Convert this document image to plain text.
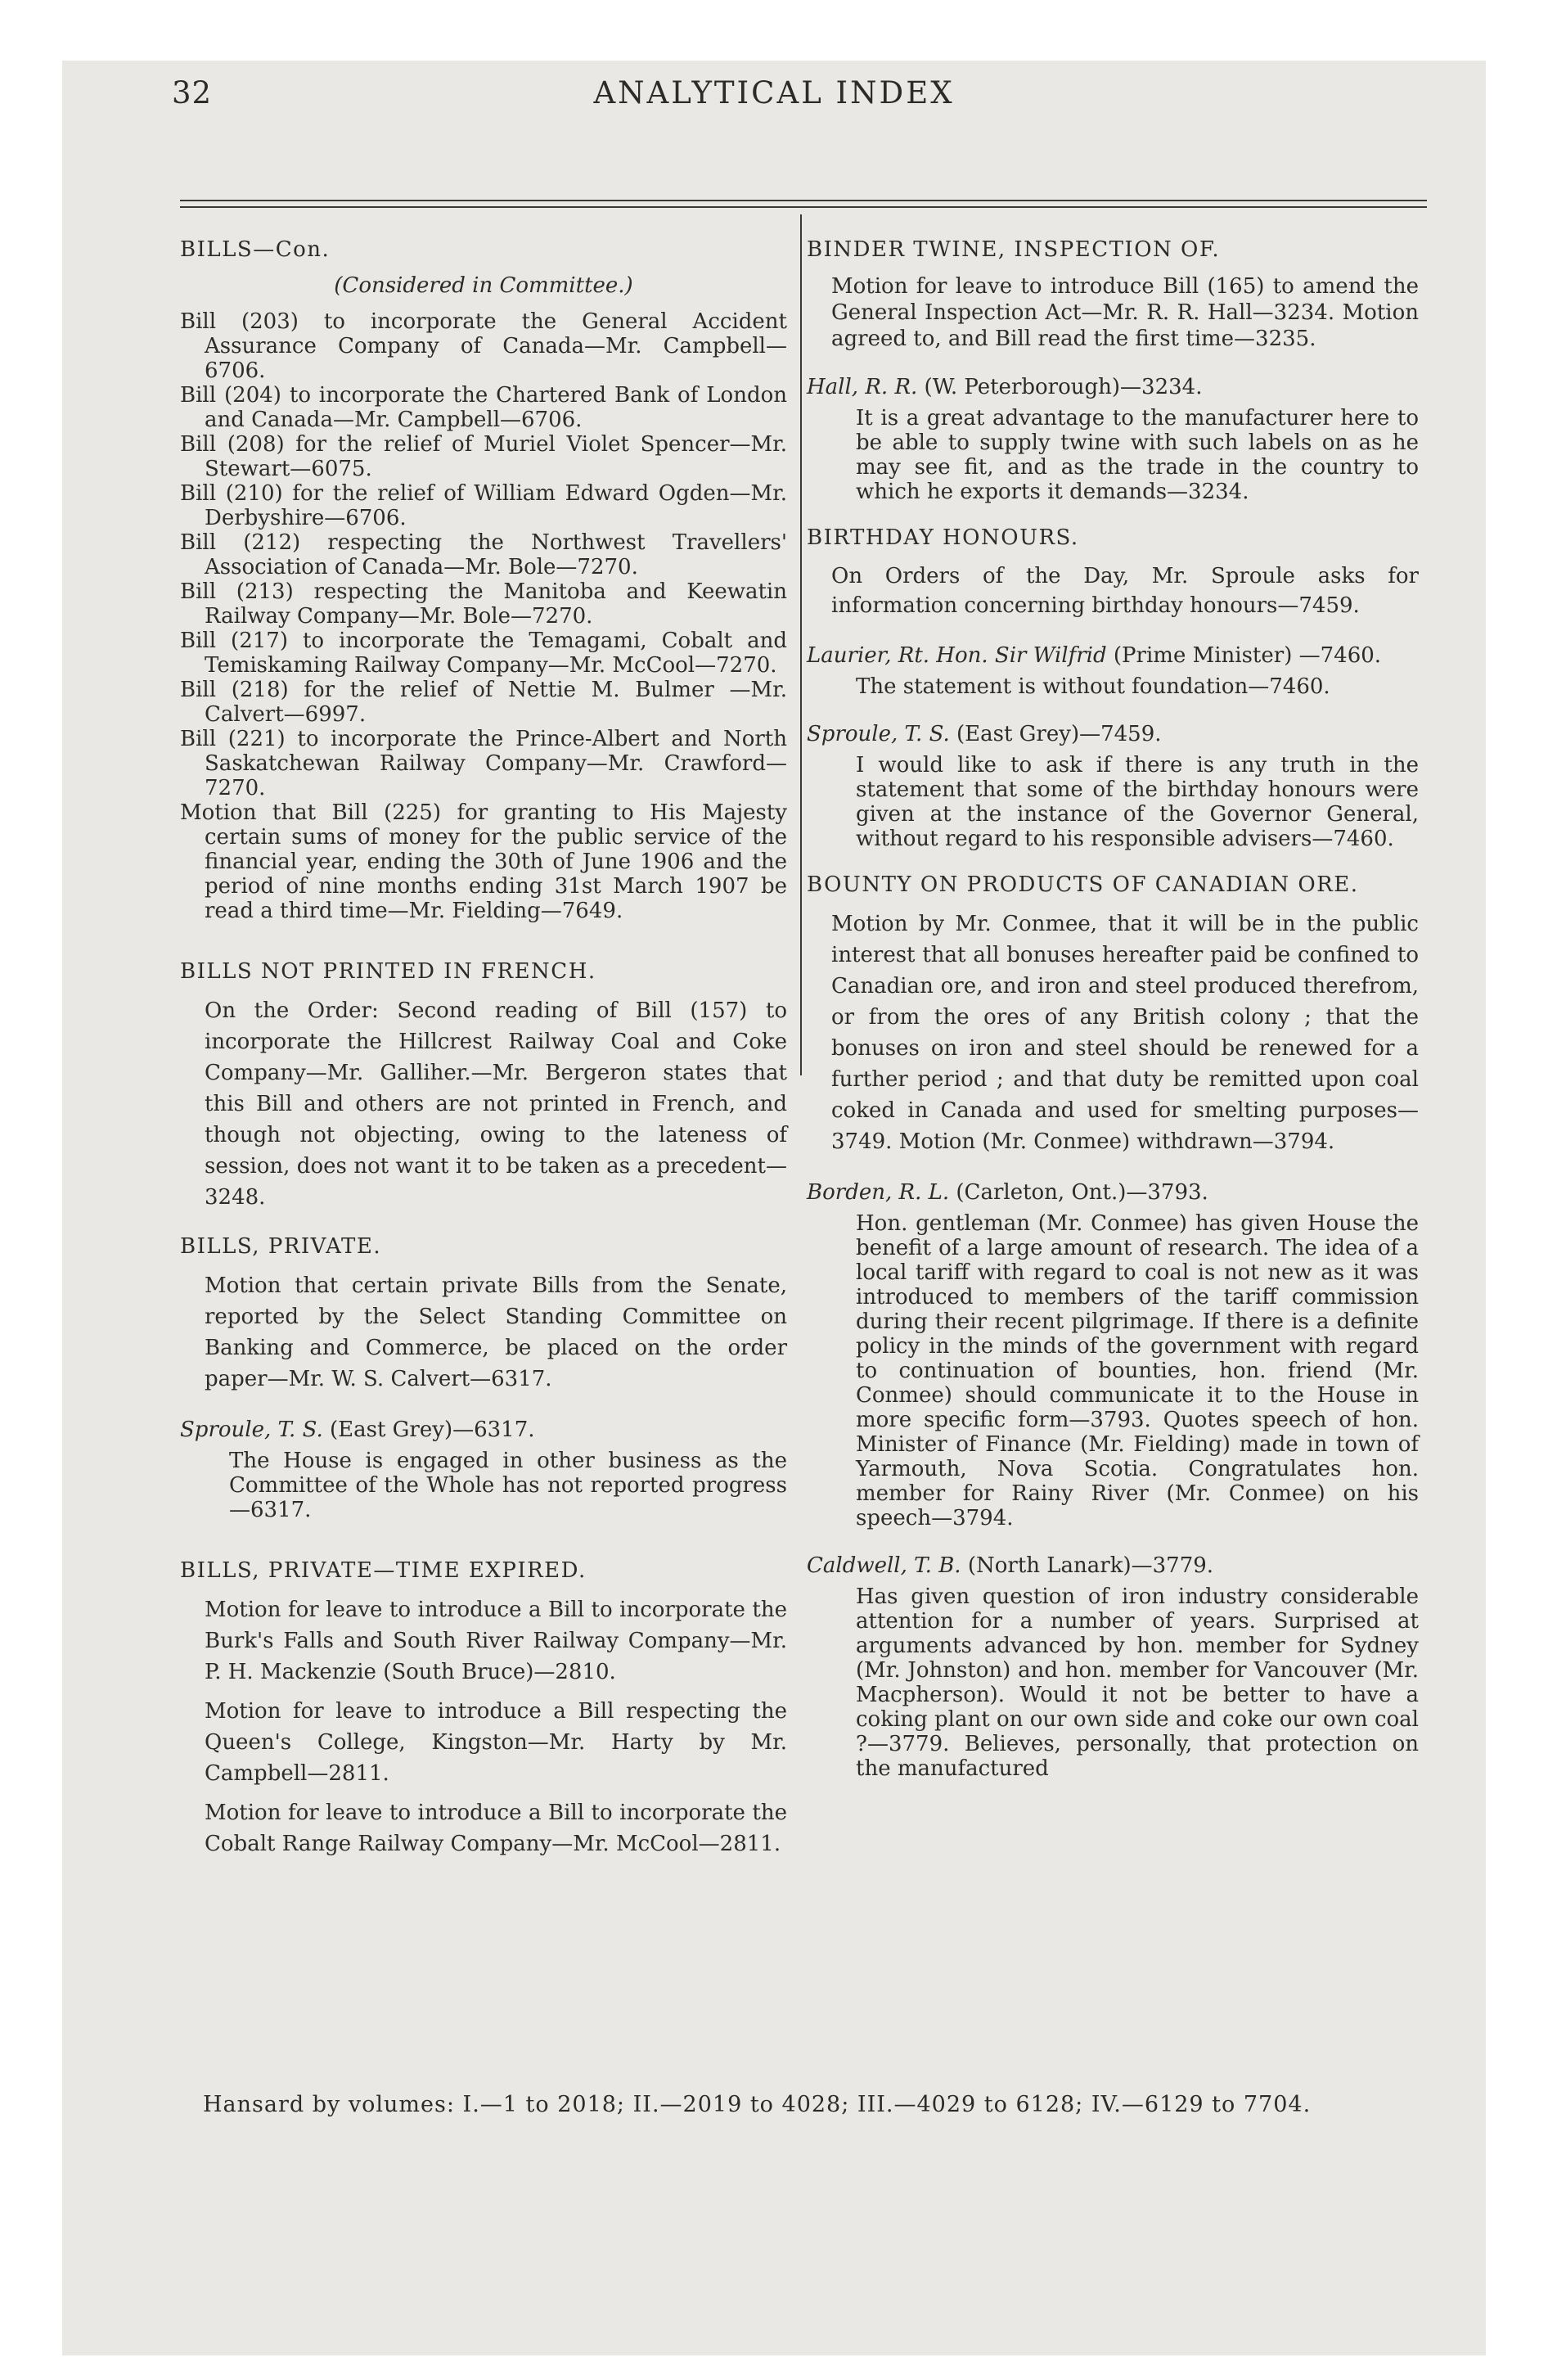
32	ANALYTICAL INDEX
BILLS—Con.
(Considered in Committee.)
Bill (203) to incorporate the General Accident Assurance Company of Canada—Mr. Campbell—6706.
Bill (204) to incorporate the Chartered Bank of London and Canada—Mr. Campbell—6706.
Bill (208) for the relief of Muriel Violet Spencer—Mr. Stewart—6075.
Bill (210) for the relief of William Edward Ogden—Mr. Derbyshire—6706.
Bill (212) respecting the Northwest Travellers' Association of Canada—Mr. Bole—7270.
Bill (213) respecting the Manitoba and Keewatin Railway Company—Mr. Bole—7270.
Bill (217) to incorporate the Temagami, Cobalt and Temiskaming Railway Company—Mr. McCool—7270.
Bill (218) for the relief of Nettie M. Bulmer —Mr. Calvert—6997.
Bill (221) to incorporate the Prince-Albert and North Saskatchewan Railway Company—Mr. Crawford—7270.
Motion that Bill (225) for granting to His Majesty certain sums of money for the public service of the financial year, ending the 30th of June 1906 and the period of nine months ending 31st March 1907 be read a third time—Mr. Fielding—7649.
BILLS NOT PRINTED IN FRENCH.
On the Order: Second reading of Bill (157) to incorporate the Hillcrest Railway Coal and Coke Company—Mr. Galliher.—Mr. Bergeron states that this Bill and others are not printed in French, and though not objecting, owing to the lateness of session, does not want it to be taken as a precedent—3248.
BILLS, PRIVATE.
Motion that certain private Bills from the Senate, reported by the Select Standing Committee on Banking and Commerce, be placed on the order paper—Mr. W. S. Calvert—6317.
Sproule, T. S. (East Grey)—6317.
The House is engaged in other business as the Committee of the Whole has not reported progress—6317.
BILLS, PRIVATE—TIME EXPIRED.
Motion for leave to introduce a Bill to incorporate the Burk's Falls and South River Railway Company—Mr. P. H. Mackenzie (South Bruce)—2810.
Motion for leave to introduce a Bill respecting the Queen's College, Kingston—Mr. Harty by Mr. Campbell—2811.
Motion for leave to introduce a Bill to incorporate the Cobalt Range Railway Company—Mr. McCool—2811.
BINDER TWINE, INSPECTION OF.
Motion for leave to introduce Bill (165) to amend the General Inspection Act—Mr. R. R. Hall—3234. Motion agreed to, and Bill read the first time—3235.
Hall, R. R. (W. Peterborough)—3234.
It is a great advantage to the manufacturer here to be able to supply twine with such labels on as he may see fit, and as the trade in the country to which he exports it demands—3234.
BIRTHDAY HONOURS.
On Orders of the Day, Mr. Sproule asks for information concerning birthday honours—7459.
Laurier, Rt. Hon. Sir Wilfrid (Prime Minister) —7460.
The statement is without foundation—7460.
Sproule, T. S. (East Grey)—7459.
I would like to ask if there is any truth in the statement that some of the birthday honours were given at the instance of the Governor General, without regard to his responsible advisers—7460.
BOUNTY ON PRODUCTS OF CANADIAN ORE.
Motion by Mr. Conmee, that it will be in the public interest that all bonuses hereafter paid be confined to Canadian ore, and iron and steel produced therefrom, or from the ores of any British colony ; that the bonuses on iron and steel should be renewed for a further period ; and that duty be remitted upon coal coked in Canada and used for smelting purposes—3749. Motion (Mr. Conmee) withdrawn—3794.
Borden, R. L. (Carleton, Ont.)—3793.
Hon. gentleman (Mr. Conmee) has given House the benefit of a large amount of research. The idea of a local tariff with regard to coal is not new as it was introduced to members of the tariff commission during their recent pilgrimage. If there is a definite policy in the minds of the government with regard to continuation of bounties, hon. friend (Mr. Conmee) should communicate it to the House in more specific form—3793. Quotes speech of hon. Minister of Finance (Mr. Fielding) made in town of Yarmouth, Nova Scotia. Congratulates hon. member for Rainy River (Mr. Conmee) on his speech—3794.
Caldwell, T. B. (North Lanark)—3779.
Has given question of iron industry considerable attention for a number of years. Surprised at arguments advanced by hon. member for Sydney (Mr. Johnston) and hon. member for Vancouver (Mr. Macpherson). Would it not be better to have a coking plant on our own side and coke our own coal ?—3779. Believes, personally, that protection on the manufactured
Hansard by volumes: I.—1 to 2018; II.—2019 to 4028; III.—4029 to 6128; IV.—6129 to 7704.
